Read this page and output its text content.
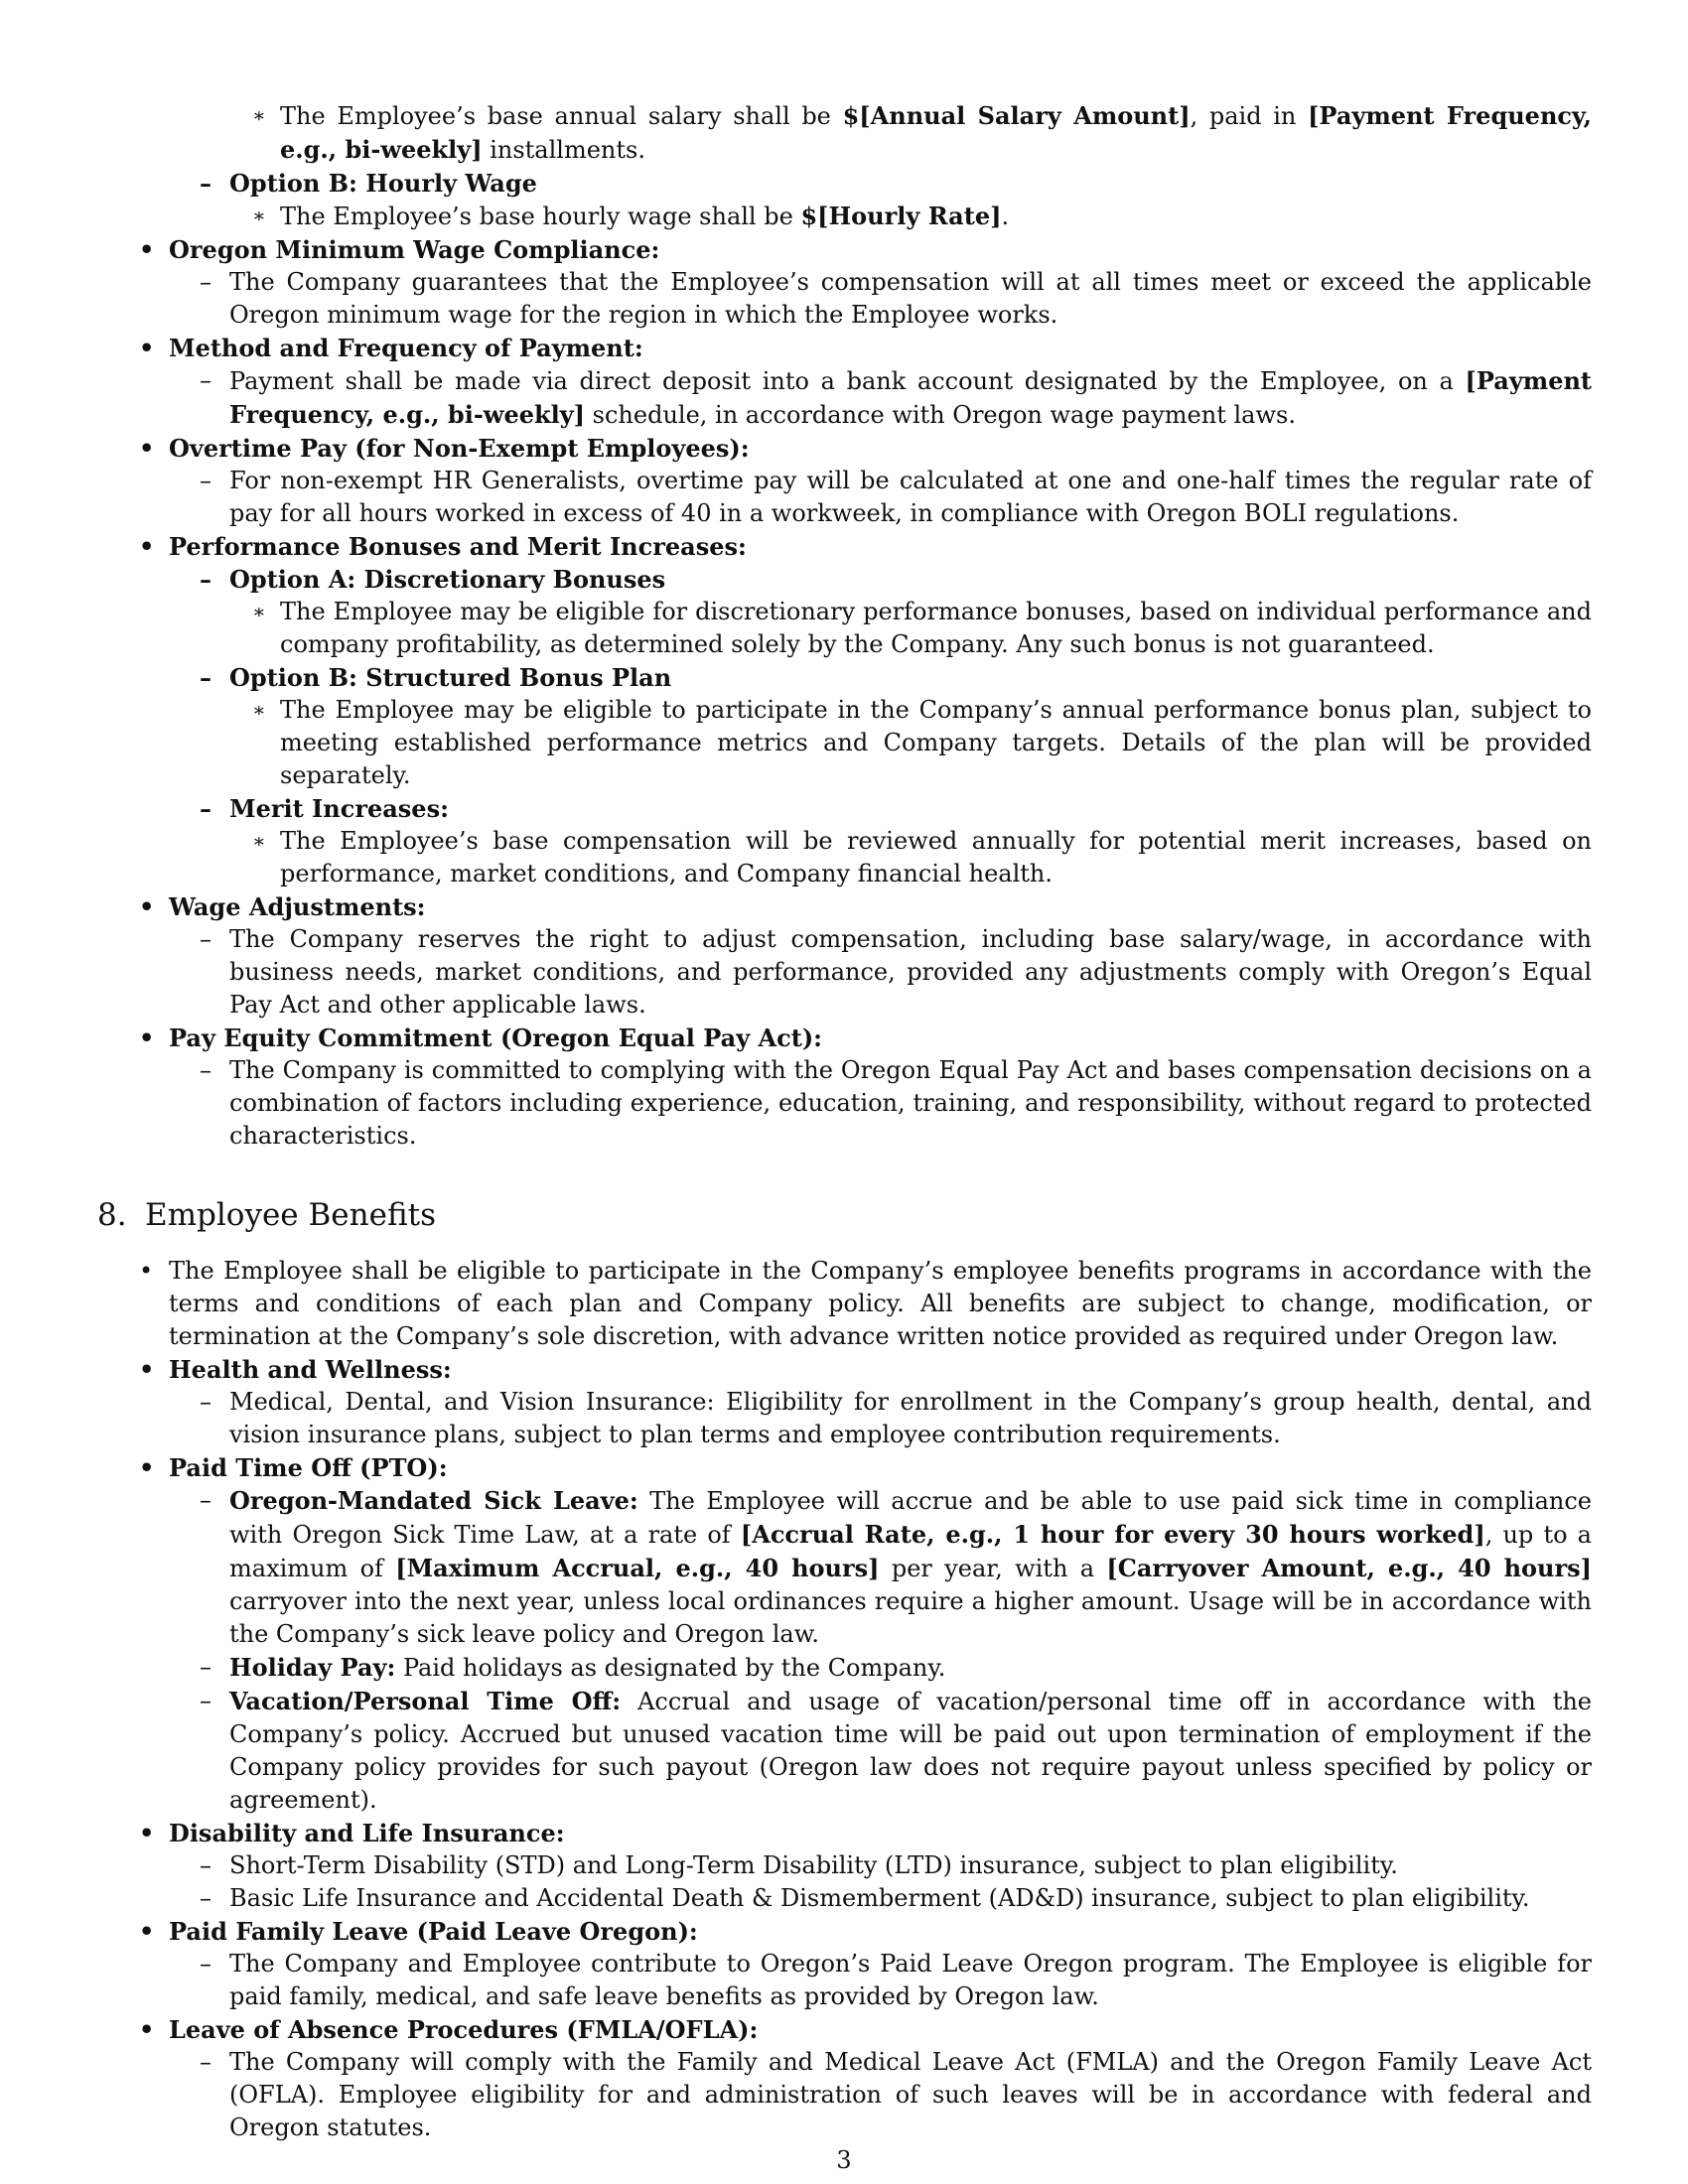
∗ The Employee’s base annual salary shall be $[Annual Salary Amount], paid in [Payment Frequency, e.g., bi-weekly] installments.
– Option B: Hourly Wage
∗ The Employee’s base hourly wage shall be $[Hourly Rate].
• Oregon Minimum Wage Compliance:
– The Company guarantees that the Employee’s compensation will at all times meet or exceed the applicable Oregon minimum wage for the region in which the Employee works.
• Method and Frequency of Payment:
– Payment shall be made via direct deposit into a bank account designated by the Employee, on a [Payment Frequency, e.g., bi-weekly] schedule, in accordance with Oregon wage payment laws.
• Overtime Pay (for Non-Exempt Employees):
– For non-exempt HR Generalists, overtime pay will be calculated at one and one-half times the regular rate of pay for all hours worked in excess of 40 in a workweek, in compliance with Oregon BOLI regulations.
• Performance Bonuses and Merit Increases:
– Option A: Discretionary Bonuses
∗ The Employee may be eligible for discretionary performance bonuses, based on individual performance and company profitability, as determined solely by the Company. Any such bonus is not guaranteed.
– Option B: Structured Bonus Plan
∗ The Employee may be eligible to participate in the Company’s annual performance bonus plan, subject to meeting established performance metrics and Company targets. Details of the plan will be provided separately.
– Merit Increases:
∗ The Employee’s base compensation will be reviewed annually for potential merit increases, based on performance, market conditions, and Company financial health.
• Wage Adjustments:
– The Company reserves the right to adjust compensation, including base salary/wage, in accordance with business needs, market conditions, and performance, provided any adjustments comply with Oregon’s Equal Pay Act and other applicable laws.
• Pay Equity Commitment (Oregon Equal Pay Act):
– The Company is committed to complying with the Oregon Equal Pay Act and bases compensation decisions on a combination of factors including experience, education, training, and responsibility, without regard to protected characteristics.
8. Employee Benefits
• The Employee shall be eligible to participate in the Company’s employee benefits programs in accordance with the terms and conditions of each plan and Company policy. All benefits are subject to change, modification, or termination at the Company’s sole discretion, with advance written notice provided as required under Oregon law.
• Health and Wellness:
– Medical, Dental, and Vision Insurance: Eligibility for enrollment in the Company’s group health, dental, and vision insurance plans, subject to plan terms and employee contribution requirements.
• Paid Time Off (PTO):
– Oregon-Mandated Sick Leave: The Employee will accrue and be able to use paid sick time in compliance with Oregon Sick Time Law, at a rate of [Accrual Rate, e.g., 1 hour for every 30 hours worked], up to a maximum of [Maximum Accrual, e.g., 40 hours] per year, with a [Carryover Amount, e.g., 40 hours] carryover into the next year, unless local ordinances require a higher amount. Usage will be in accordance with the Company’s sick leave policy and Oregon law.
– Holiday Pay: Paid holidays as designated by the Company.
– Vacation/Personal Time Off: Accrual and usage of vacation/personal time off in accordance with the Company’s policy. Accrued but unused vacation time will be paid out upon termination of employment if the Company policy provides for such payout (Oregon law does not require payout unless specified by policy or agreement).
• Disability and Life Insurance:
– Short-Term Disability (STD) and Long-Term Disability (LTD) insurance, subject to plan eligibility.
– Basic Life Insurance and Accidental Death & Dismemberment (AD&D) insurance, subject to plan eligibility.
• Paid Family Leave (Paid Leave Oregon):
– The Company and Employee contribute to Oregon’s Paid Leave Oregon program. The Employee is eligible for paid family, medical, and safe leave benefits as provided by Oregon law.
• Leave of Absence Procedures (FMLA/OFLA):
– The Company will comply with the Family and Medical Leave Act (FMLA) and the Oregon Family Leave Act (OFLA). Employee eligibility for and administration of such leaves will be in accordance with federal and Oregon statutes.
3
